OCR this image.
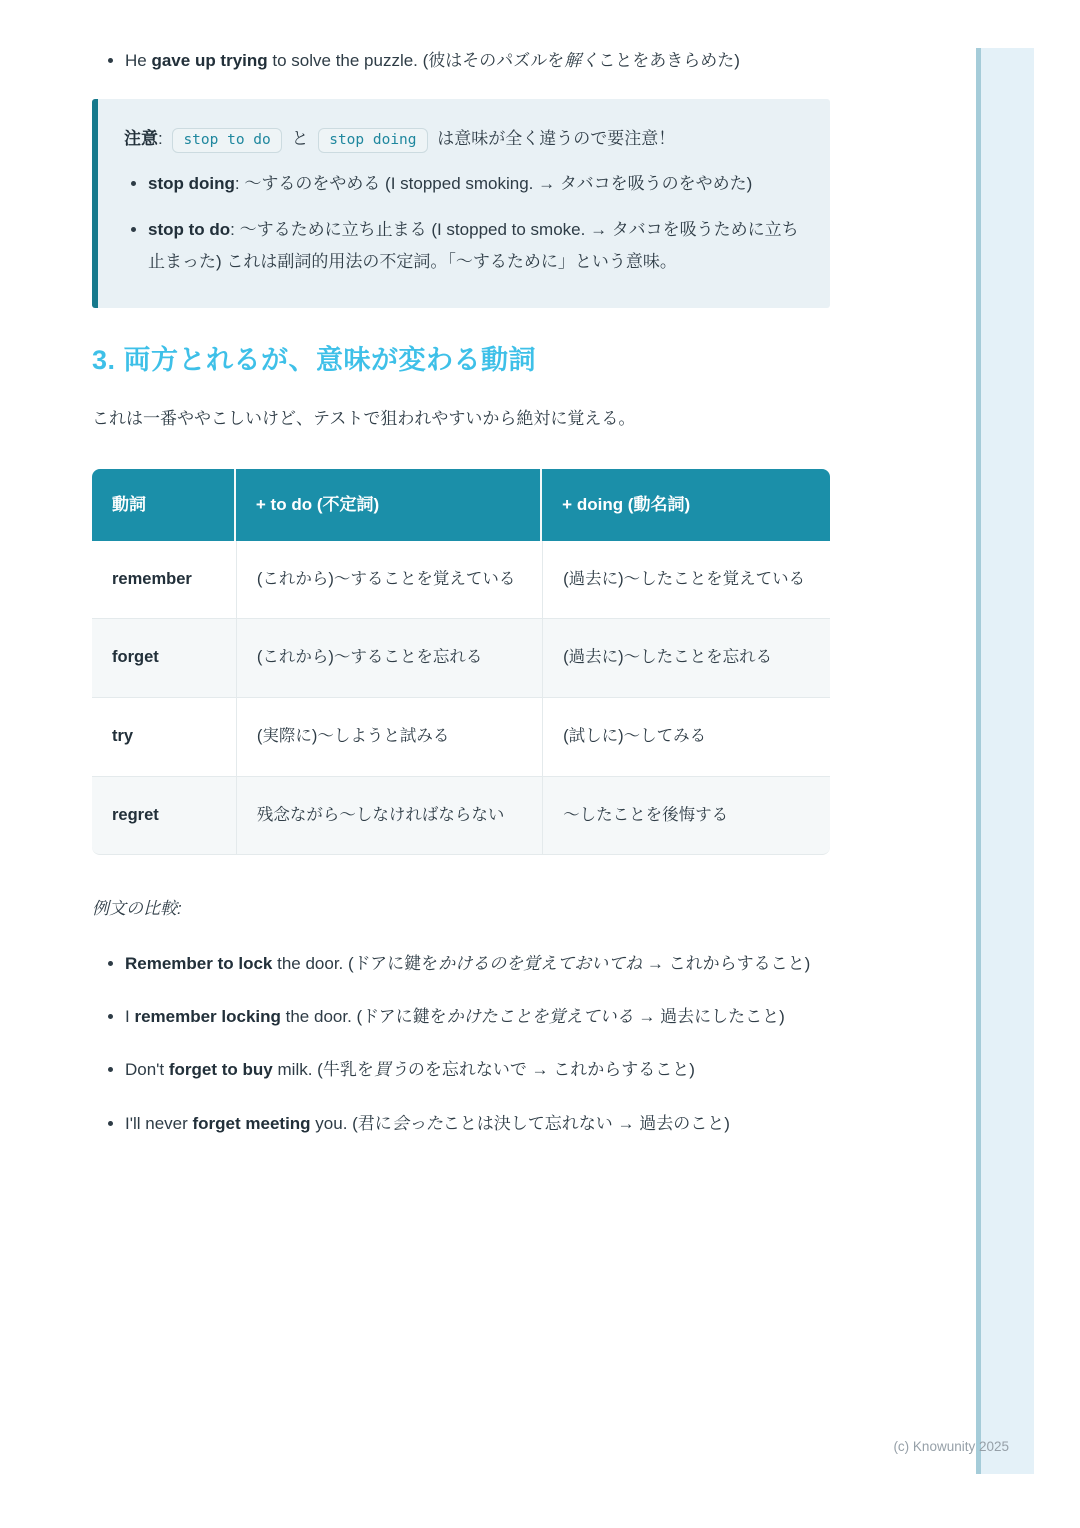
• He gave up trying to solve the puzzle. (彼はそのパズルを解くことをあきらめた)

注意: stop to do と stop doing は意味が全く違うので要注意！

• stop doing: 〜するのをやめる (I stopped smoking. → タバコを吸うのをやめた)
• stop to do: 〜するために立ち止まる (I stopped to smoke. → タバコを吸うために立ち止まった) これは副詞的用法の不定詞。「〜するために」という意味。
3. 両方とれるが、意味が変わる動詞

これは一番ややこしいけど、テストで狙われやすいから絶対に覚える。

動詞	+ to do (不定詞)	+ doing (動名詞)
remember	(これから)〜することを覚えている	(過去に)〜したことを覚えている
forget	(これから)〜することを忘れる	(過去に)〜したことを忘れる
try	(実際に)〜しようと試みる	(試しに)〜してみる
regret	残念ながら〜しなければならない	〜したことを後悔する

例文の比較:

• Remember to lock the door. (ドアに鍵をかけるのを覚えておいてね → これからすること)
• I remember locking the door. (ドアに鍵をかけたことを覚えている → 過去にしたこと)
• Don't forget to buy milk. (牛乳を買うのを忘れないで → これからすること)
• I'll never forget meeting you. (君に会ったことは決して忘れない → 過去のこと)
(c) Knowunity 2025
